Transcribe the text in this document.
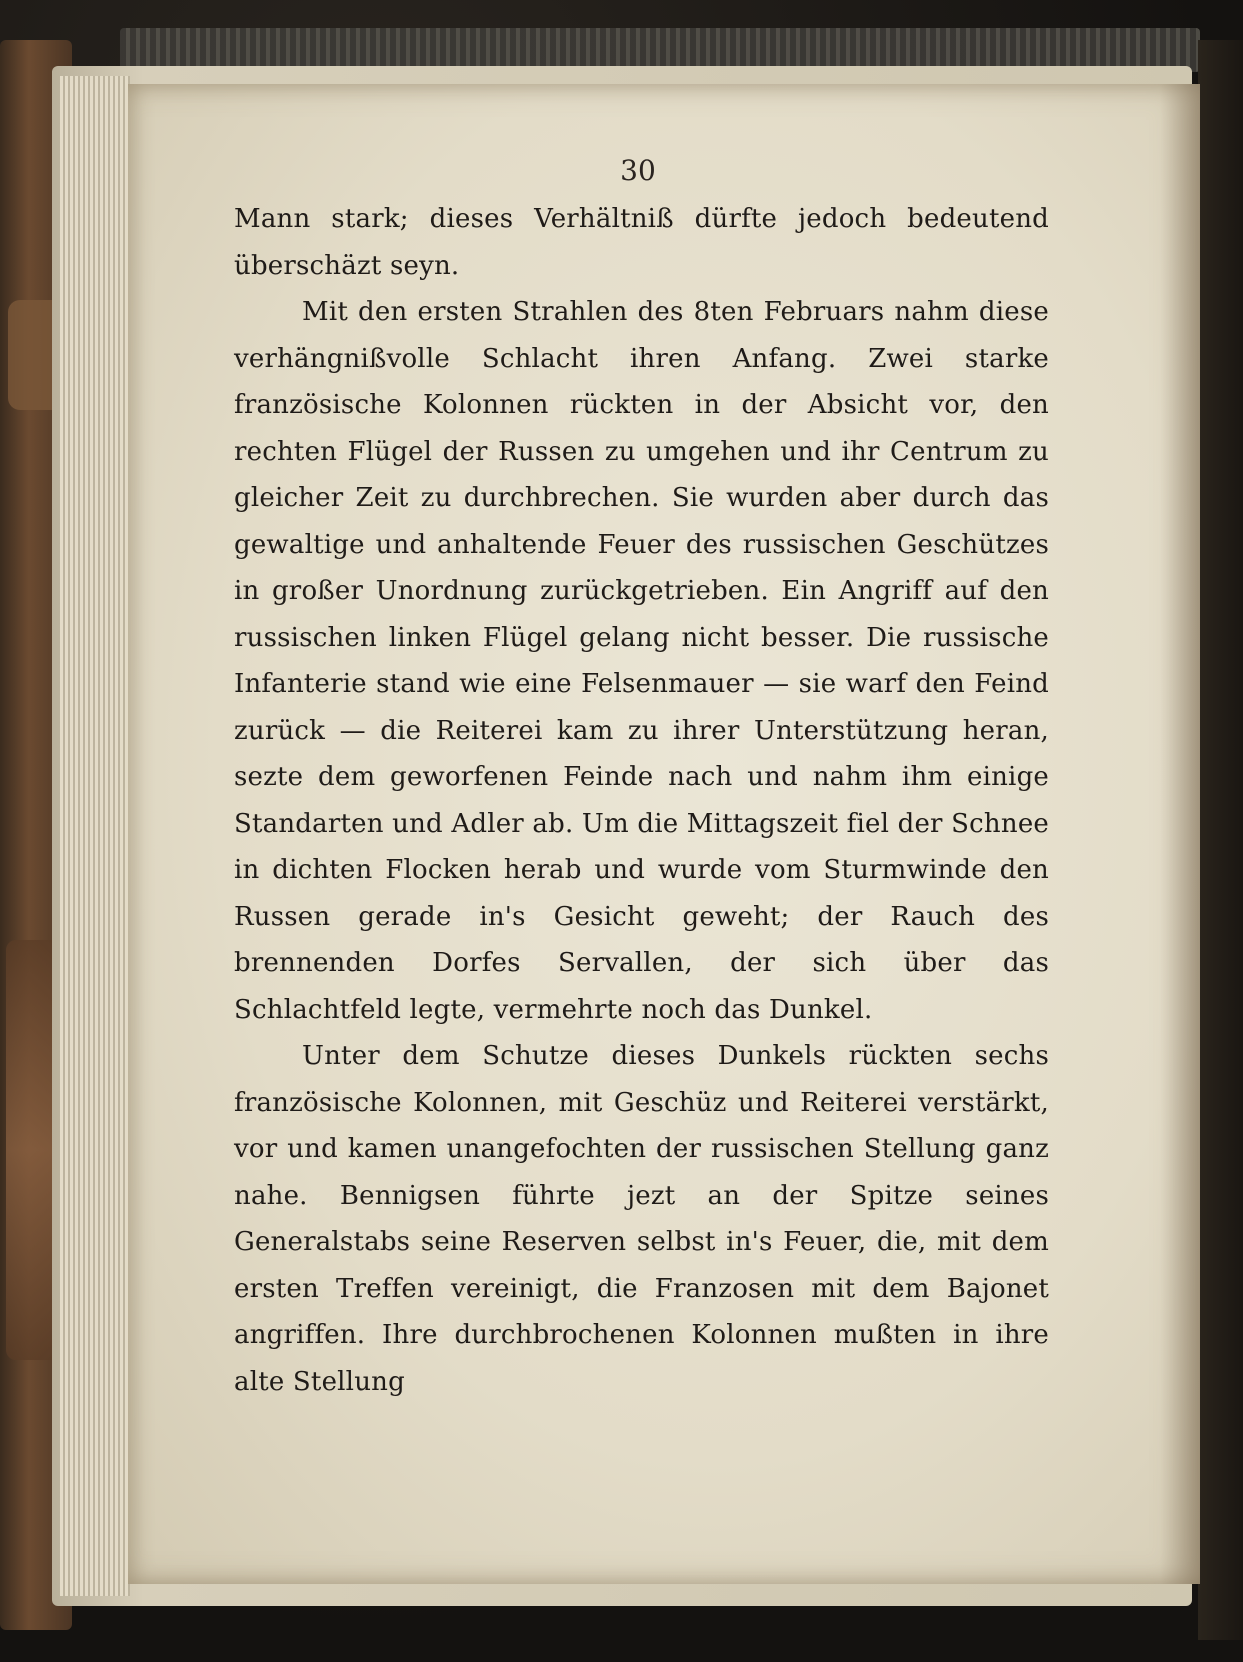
30

Mann stark; dieses Verhältniß dürfte jedoch bedeutend überschäzt seyn.

Mit den ersten Strahlen des 8ten Februars nahm diese verhängnißvolle Schlacht ihren Anfang. Zwei starke französische Kolonnen rückten in der Absicht vor, den rechten Flügel der Russen zu umgehen und ihr Centrum zu gleicher Zeit zu durchbrechen. Sie wurden aber durch das gewaltige und anhaltende Feuer des russischen Geschützes in großer Unordnung zurückgetrieben. Ein Angriff auf den russischen linken Flügel gelang nicht besser. Die russische Infanterie stand wie eine Felsenmauer — sie warf den Feind zurück — die Reiterei kam zu ihrer Unterstützung heran, sezte dem geworfenen Feinde nach und nahm ihm einige Standarten und Adler ab. Um die Mittagszeit fiel der Schnee in dichten Flocken herab und wurde vom Sturmwinde den Russen gerade in's Gesicht geweht; der Rauch des brennenden Dorfes Servallen, der sich über das Schlachtfeld legte, vermehrte noch das Dunkel.

Unter dem Schutze dieses Dunkels rückten sechs französische Kolonnen, mit Geschüz und Reiterei verstärkt, vor und kamen unangefochten der russischen Stellung ganz nahe. Bennigsen führte jezt an der Spitze seines Generalstabs seine Reserven selbst in's Feuer, die, mit dem ersten Treffen vereinigt, die Franzosen mit dem Bajonet angriffen. Ihre durchbrochenen Kolonnen mußten in ihre alte Stellung
